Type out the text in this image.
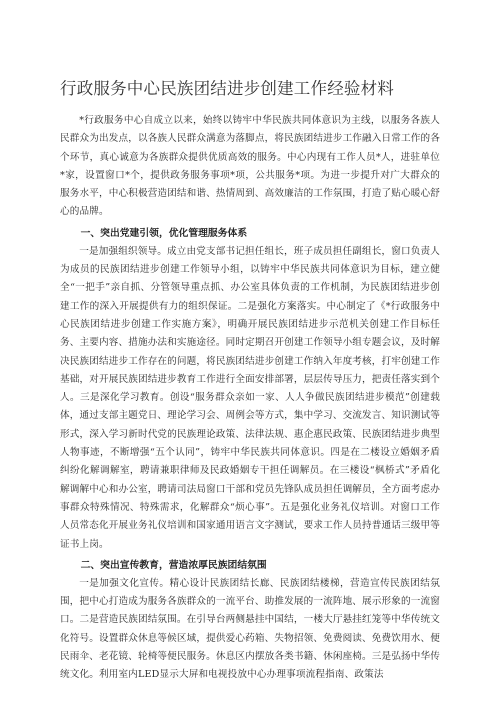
行政服务中心民族团结进步创建工作经验材料

*行政服务中心自成立以来，始终以铸牢中华民族共同体意识为主线，以服务各族人民群众为出发点，以各族人民群众满意为落脚点，将民族团结进步工作融入日常工作的各个环节，真心诚意为各族群众提供优质高效的服务。中心内现有工作人员*人，进驻单位*家，设置窗口*个，提供政务服务事项*项，公共服务*项。为进一步提升对广大群众的服务水平，中心积极营造团结和谐、热情周到、高效廉洁的工作氛围，打造了贴心暖心舒心的品牌。

一、突出党建引领，优化管理服务体系

一是加强组织领导。成立由党支部书记担任组长，班子成员担任副组长，窗口负责人为成员的民族团结进步创建工作领导小组，以铸牢中华民族共同体意识为目标，建立健全“一把手”亲自抓、分管领导重点抓、办公室具体负责的工作机制，为民族团结进步创建工作的深入开展提供有力的组织保证。二是强化方案落实。中心制定了《*行政服务中心民族团结进步创建工作实施方案》，明确开展民族团结进步示范机关创建工作目标任务、主要内容、措施办法和实施途径。同时定期召开创建工作领导小组专题会议，及时解决民族团结进步工作存在的问题，将民族团结进步创建工作纳入年度考核，打牢创建工作基础，对开展民族团结进步教育工作进行全面安排部署，层层传导压力，把责任落实到个人。三是深化学习教育。创设“服务群众亲如一家、人人争做民族团结进步模范”创建载体，通过支部主题党日、理论学习会、周例会等方式，集中学习、交流发言、知识测试等形式，深入学习新时代党的民族理论政策、法律法规、惠企惠民政策、民族团结进步典型人物事迹，不断增强“五个认同”，铸牢中华民族共同体意识。四是在二楼设立婚姻矛盾纠纷化解调解室，聘请兼职律师及民政婚姻专干担任调解员。在三楼设“枫桥式”矛盾化解调解中心和办公室，聘请司法局窗口干部和党员先锋队成员担任调解员，全方面考虑办事群众特殊情况、特殊需求，化解群众“烦心事”。五是强化业务礼仪培训。对窗口工作人员常态化开展业务礼仪培训和国家通用语言文字测试，要求工作人员持普通话三级甲等证书上岗。

二、突出宣传教育，营造浓厚民族团结氛围

一是加强文化宣传。精心设计民族团结长廊、民族团结楼梯，营造宣传民族团结氛围，把中心打造成为服务各族群众的一流平台、助推发展的一流阵地、展示形象的一流窗口。二是营造民族团结氛围。在引导台两侧悬挂中国结，一楼大厅悬挂红笼等中华传统文化符号。设置群众休息等候区域，提供爱心药箱、失物招领、免费阅读、免费饮用水、便民雨伞、老花镜、轮椅等便民服务。休息区内摆放各类书籍、休闲座椅。三是弘扬中华传统文化。利用室内LED显示大屏和电视投放中心办理事项流程指南、政策法
